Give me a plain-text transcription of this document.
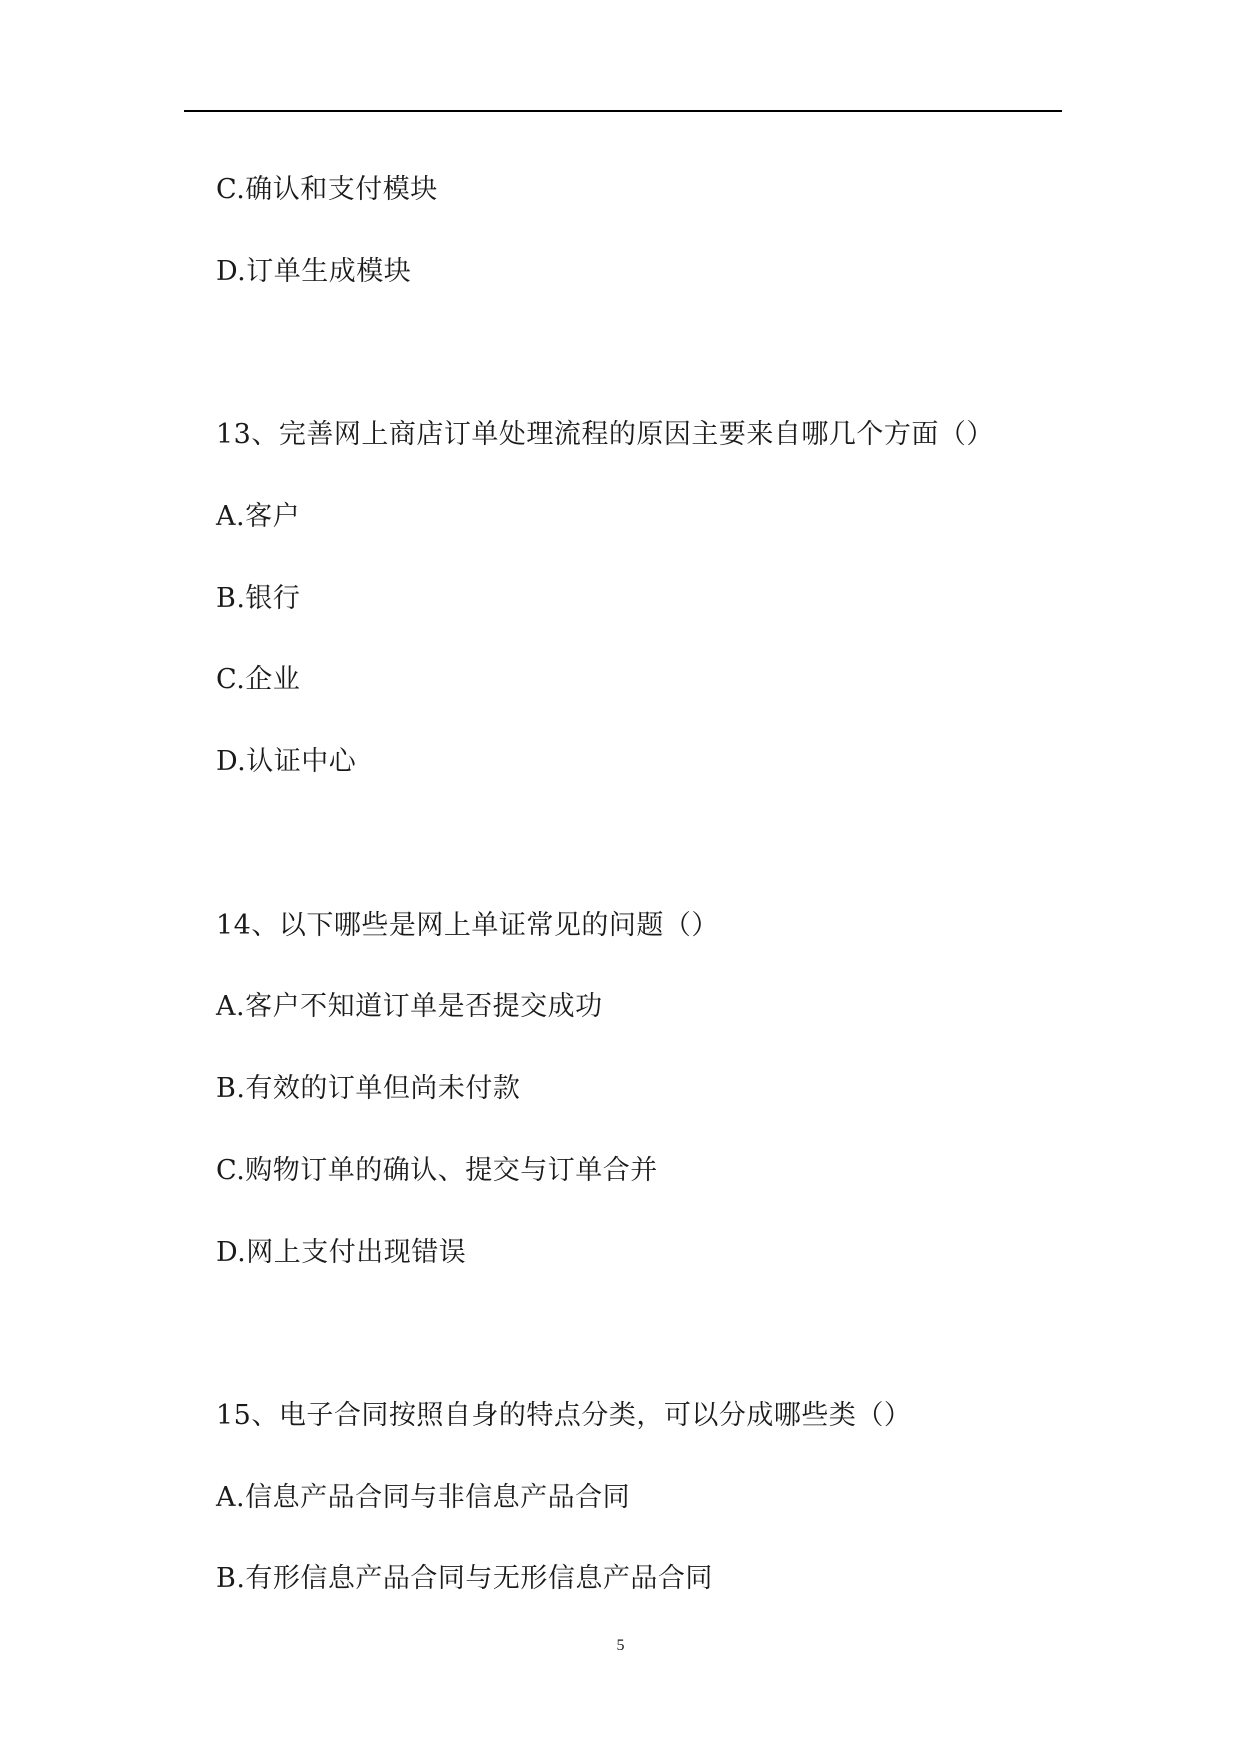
C.确认和支付模块
D.订单生成模块
13、完善网上商店订单处理流程的原因主要来自哪几个方面（）
A.客户
B.银行
C.企业
D.认证中心
14、以下哪些是网上单证常见的问题（）
A.客户不知道订单是否提交成功
B.有效的订单但尚未付款
C.购物订单的确认、提交与订单合并
D.网上支付出现错误
15、电子合同按照自身的特点分类，可以分成哪些类（）
A.信息产品合同与非信息产品合同
B.有形信息产品合同与无形信息产品合同
5
